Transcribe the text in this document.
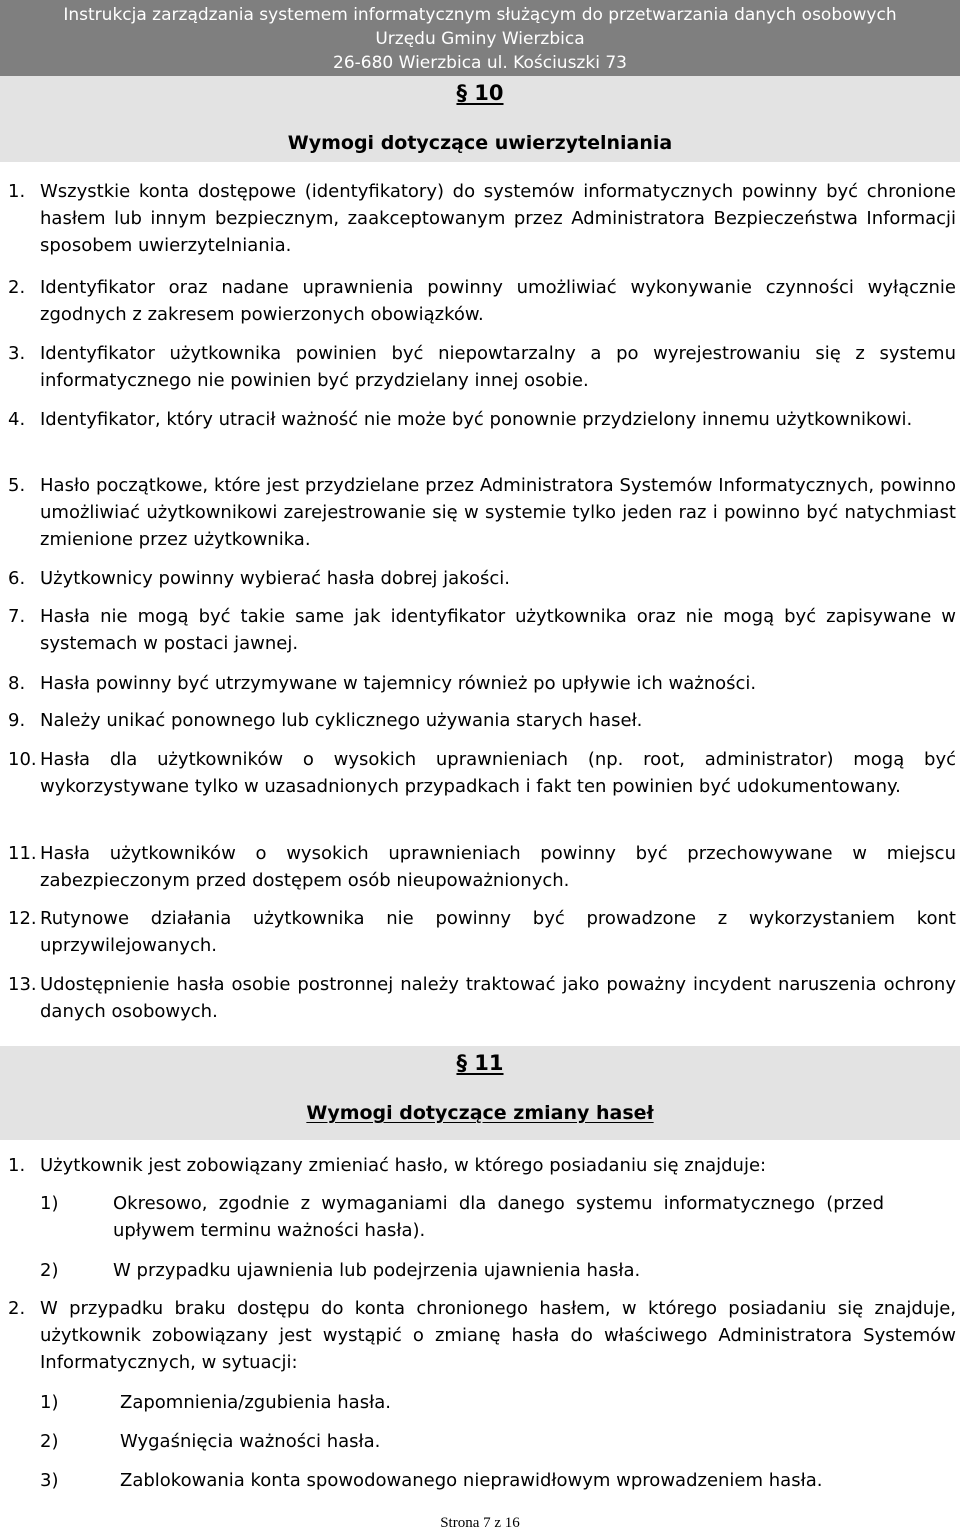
Instrukcja zarządzania systemem informatycznym służącym do przetwarzania danych osobowych
Urzędu Gminy Wierzbica
26-680 Wierzbica ul. Kościuszki 73
§ 10
Wymogi dotyczące uwierzytelniania
1. Wszystkie konta dostępowe (identyfikatory) do systemów informatycznych powinny być chronione hasłem lub innym bezpiecznym, zaakceptowanym przez Administratora Bezpieczeństwa Informacji sposobem uwierzytelniania.
2. Identyfikator oraz nadane uprawnienia powinny umożliwiać wykonywanie czynności wyłącznie zgodnych z zakresem powierzonych obowiązków.
3. Identyfikator użytkownika powinien być niepowtarzalny a po wyrejestrowaniu się z systemu informatycznego nie powinien być przydzielany innej osobie.
4. Identyfikator, który utracił ważność nie może być ponownie przydzielony innemu użytkownikowi.
5. Hasło początkowe, które jest przydzielane przez Administratora Systemów Informatycznych, powinno umożliwiać użytkownikowi zarejestrowanie się w systemie tylko jeden raz i powinno być natychmiast zmienione przez użytkownika.
6. Użytkownicy powinny wybierać hasła dobrej jakości.
7. Hasła nie mogą być takie same jak identyfikator użytkownika oraz nie mogą być zapisywane w systemach w postaci jawnej.
8. Hasła powinny być utrzymywane w tajemnicy również po upływie ich ważności.
9. Należy unikać ponownego lub cyklicznego używania starych haseł.
10. Hasła dla użytkowników o wysokich uprawnieniach (np. root, administrator) mogą być wykorzystywane tylko w uzasadnionych przypadkach i fakt ten powinien być udokumentowany.
11. Hasła użytkowników o wysokich uprawnieniach powinny być przechowywane w miejscu zabezpieczonym przed dostępem osób nieupoważnionych.
12. Rutynowe działania użytkownika nie powinny być prowadzone z wykorzystaniem kont uprzywilejowanych.
13. Udostępnienie hasła osobie postronnej należy traktować jako poważny incydent naruszenia ochrony danych osobowych.
§ 11
Wymogi dotyczące zmiany haseł
1. Użytkownik jest zobowiązany zmieniać hasło, w którego posiadaniu się znajduje:
1)	Okresowo, zgodnie z wymaganiami dla danego systemu informatycznego (przed upływem terminu ważności hasła).
2)	W przypadku ujawnienia lub podejrzenia ujawnienia hasła.
2. W przypadku braku dostępu do konta chronionego hasłem, w którego posiadaniu się znajduje, użytkownik zobowiązany jest wystąpić o zmianę hasła do właściwego Administratora Systemów Informatycznych, w sytuacji:
1)	Zapomnienia/zgubienia hasła.
2)	Wygaśnięcia ważności hasła.
3)	Zablokowania konta spowodowanego nieprawidłowym wprowadzeniem hasła.
Strona 7 z 16
